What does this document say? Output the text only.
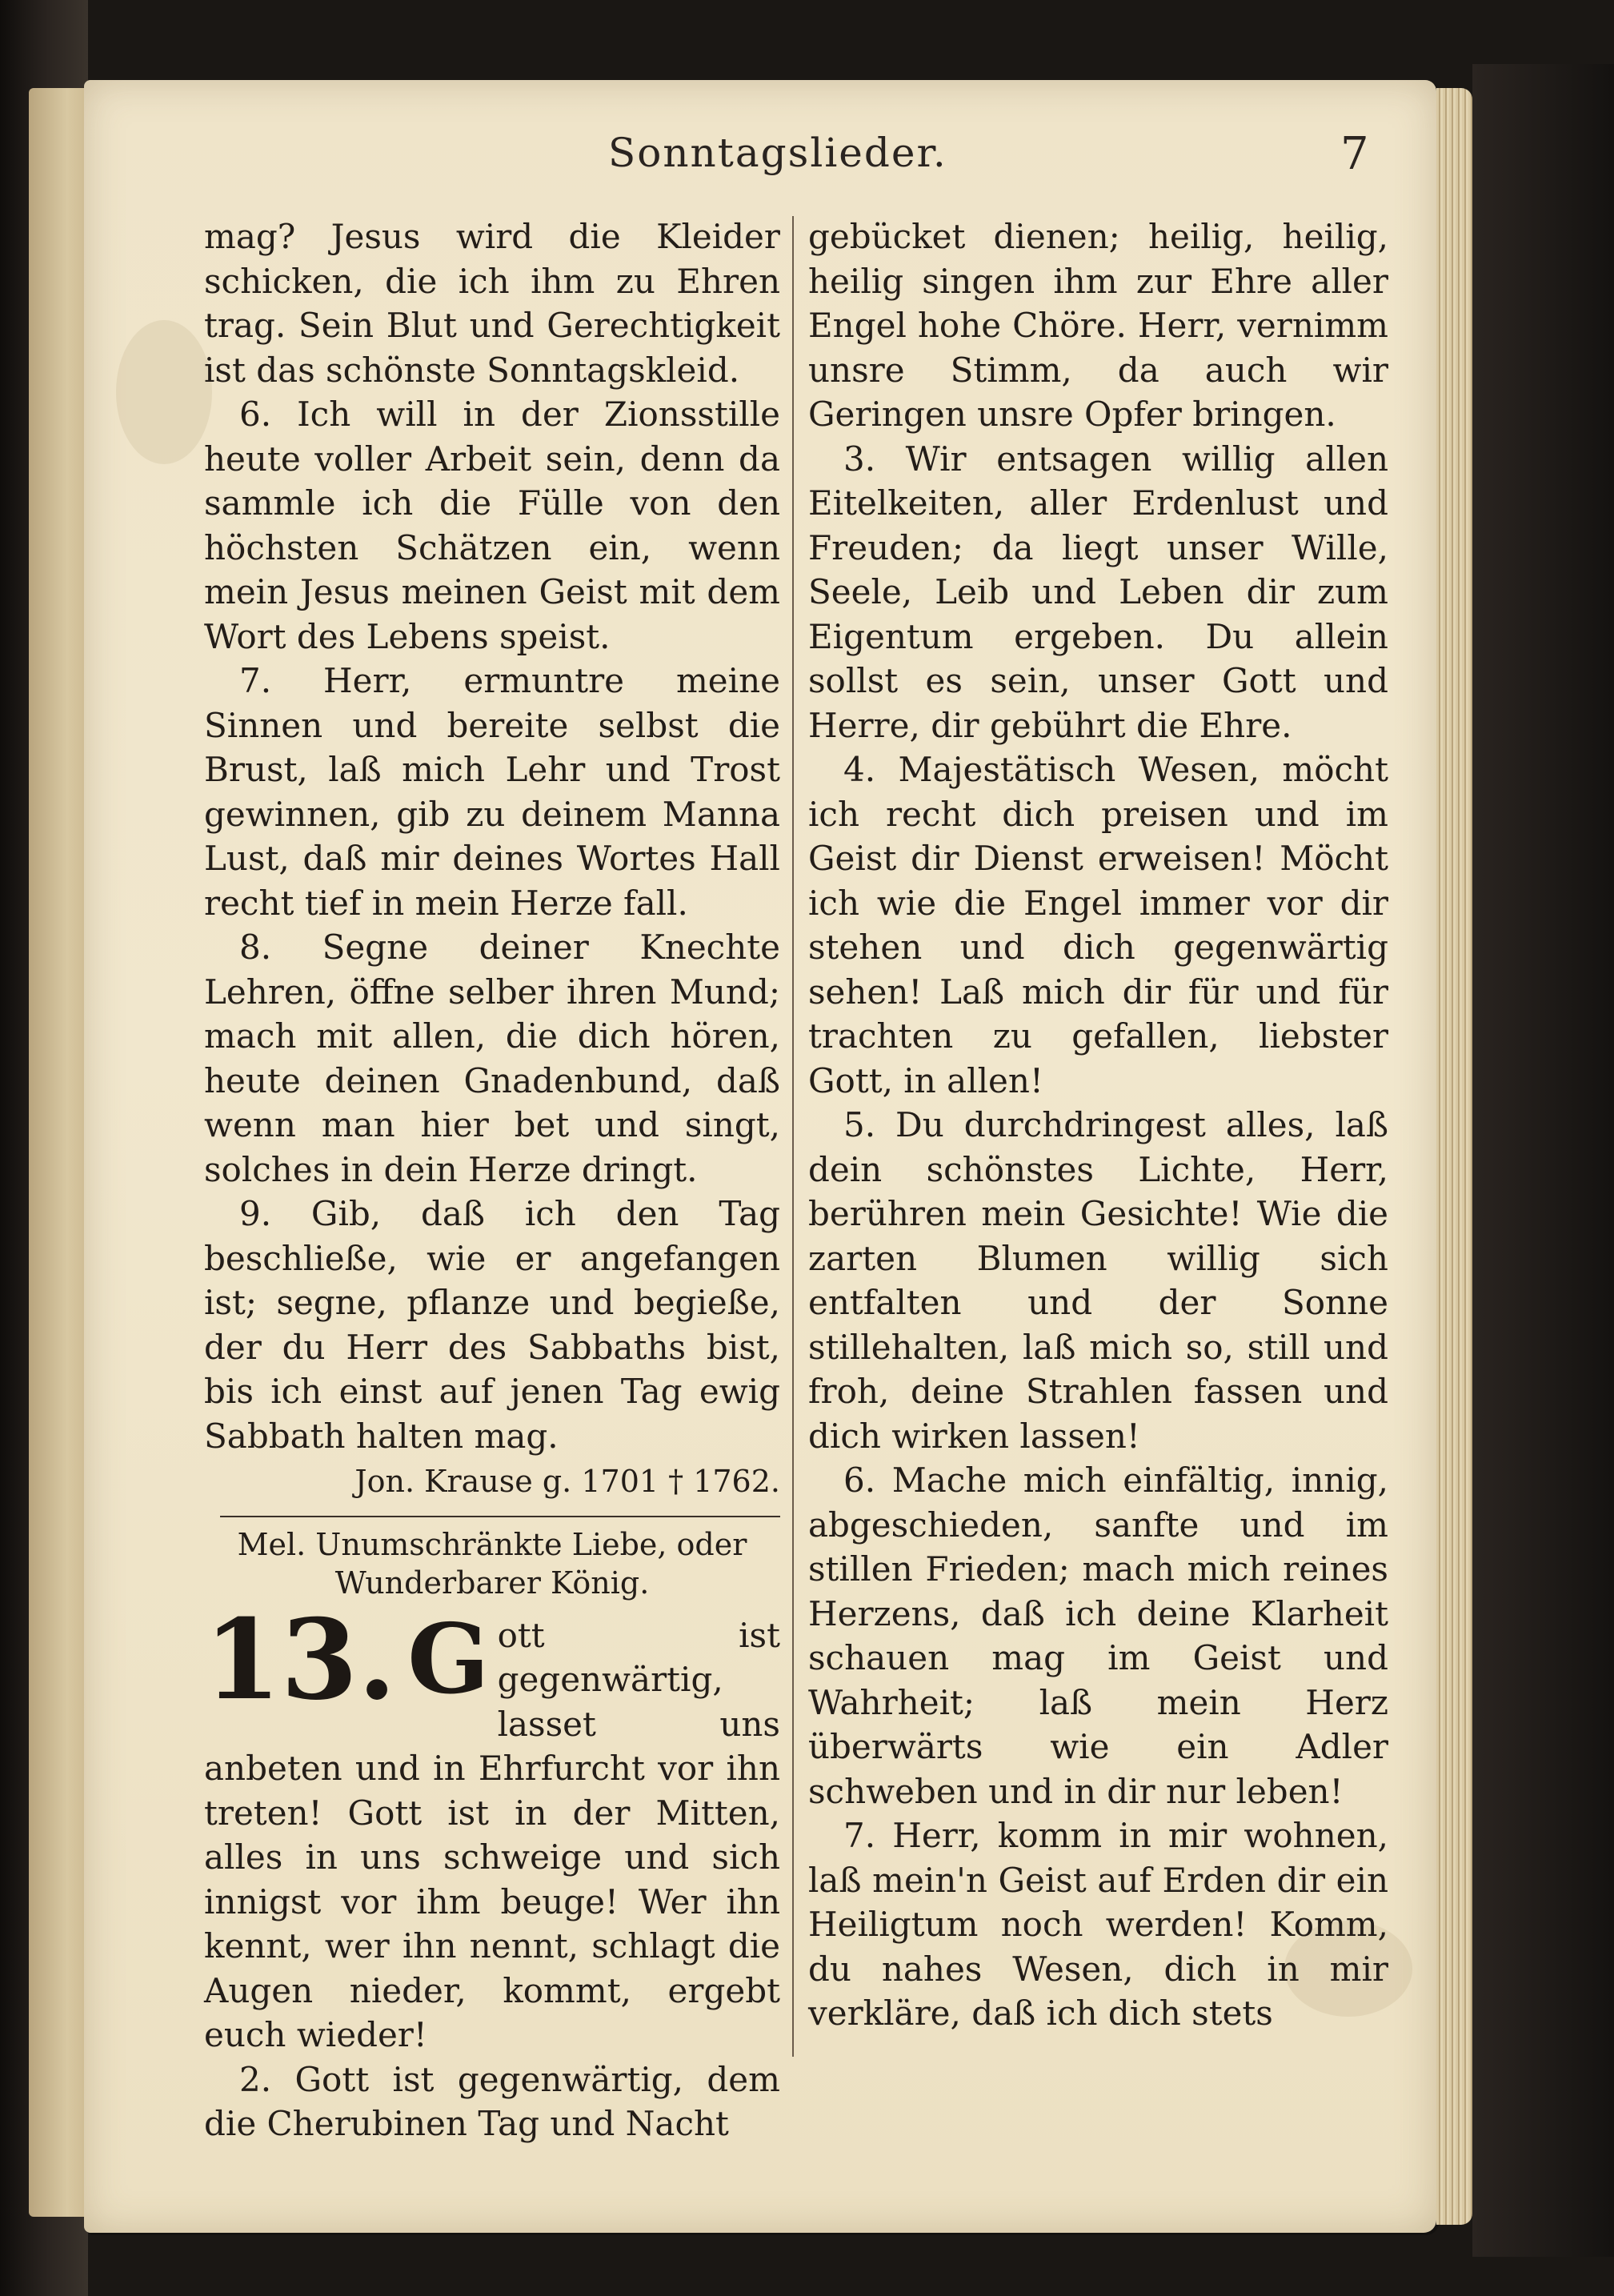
Sonntagslieder.	7

mag? Jesus wird die Kleider schicken, die ich ihm zu Ehren trag. Sein Blut und Gerechtigkeit ist das schönste Sonntagskleid.

6. Ich will in der Zionsstille heute voller Arbeit sein, denn da sammle ich die Fülle von den höchsten Schätzen ein, wenn mein Jesus meinen Geist mit dem Wort des Lebens speist.

7. Herr, ermuntre meine Sinnen und bereite selbst die Brust, laß mich Lehr und Trost gewinnen, gib zu deinem Manna Lust, daß mir deines Wortes Hall recht tief in mein Herze fall.

8. Segne deiner Knechte Lehren, öffne selber ihren Mund; mach mit allen, die dich hören, heute deinen Gnadenbund, daß wenn man hier bet und singt, solches in dein Herze dringt.

9. Gib, daß ich den Tag beschließe, wie er angefangen ist; segne, pflanze und begieße, der du Herr des Sabbaths bist, bis ich einst auf jenen Tag ewig Sabbath halten mag.

Jon. Krause g. 1701 † 1762.

Mel. Unumschränkte Liebe, oder Wunderbarer König.

13. G ott ist gegenwärtig, lasset uns anbeten und in Ehrfurcht vor ihn treten! Gott ist in der Mitten, alles in uns schweige und sich innigst vor ihm beuge! Wer ihn kennt, wer ihn nennt, schlagt die Augen nieder, kommt, ergebt euch wieder!

2. Gott ist gegenwärtig, dem die Cherubinen Tag und Nacht

gebücket dienen; heilig, heilig, heilig singen ihm zur Ehre aller Engel hohe Chöre. Herr, vernimm unsre Stimm, da auch wir Geringen unsre Opfer bringen.

3. Wir entsagen willig allen Eitelkeiten, aller Erdenlust und Freuden; da liegt unser Wille, Seele, Leib und Leben dir zum Eigentum ergeben. Du allein sollst es sein, unser Gott und Herre, dir gebührt die Ehre.

4. Majestätisch Wesen, möcht ich recht dich preisen und im Geist dir Dienst erweisen! Möcht ich wie die Engel immer vor dir stehen und dich gegenwärtig sehen! Laß mich dir für und für trachten zu gefallen, liebster Gott, in allen!

5. Du durchdringest alles, laß dein schönstes Lichte, Herr, berühren mein Gesichte! Wie die zarten Blumen willig sich entfalten und der Sonne stillehalten, laß mich so, still und froh, deine Strahlen fassen und dich wirken lassen!

6. Mache mich einfältig, innig, abgeschieden, sanfte und im stillen Frieden; mach mich reines Herzens, daß ich deine Klarheit schauen mag im Geist und Wahrheit; laß mein Herz überwärts wie ein Adler schweben und in dir nur leben!

7. Herr, komm in mir wohnen, laß mein'n Geist auf Erden dir ein Heiligtum noch werden! Komm, du nahes Wesen, dich in mir verkläre, daß ich dich stets
